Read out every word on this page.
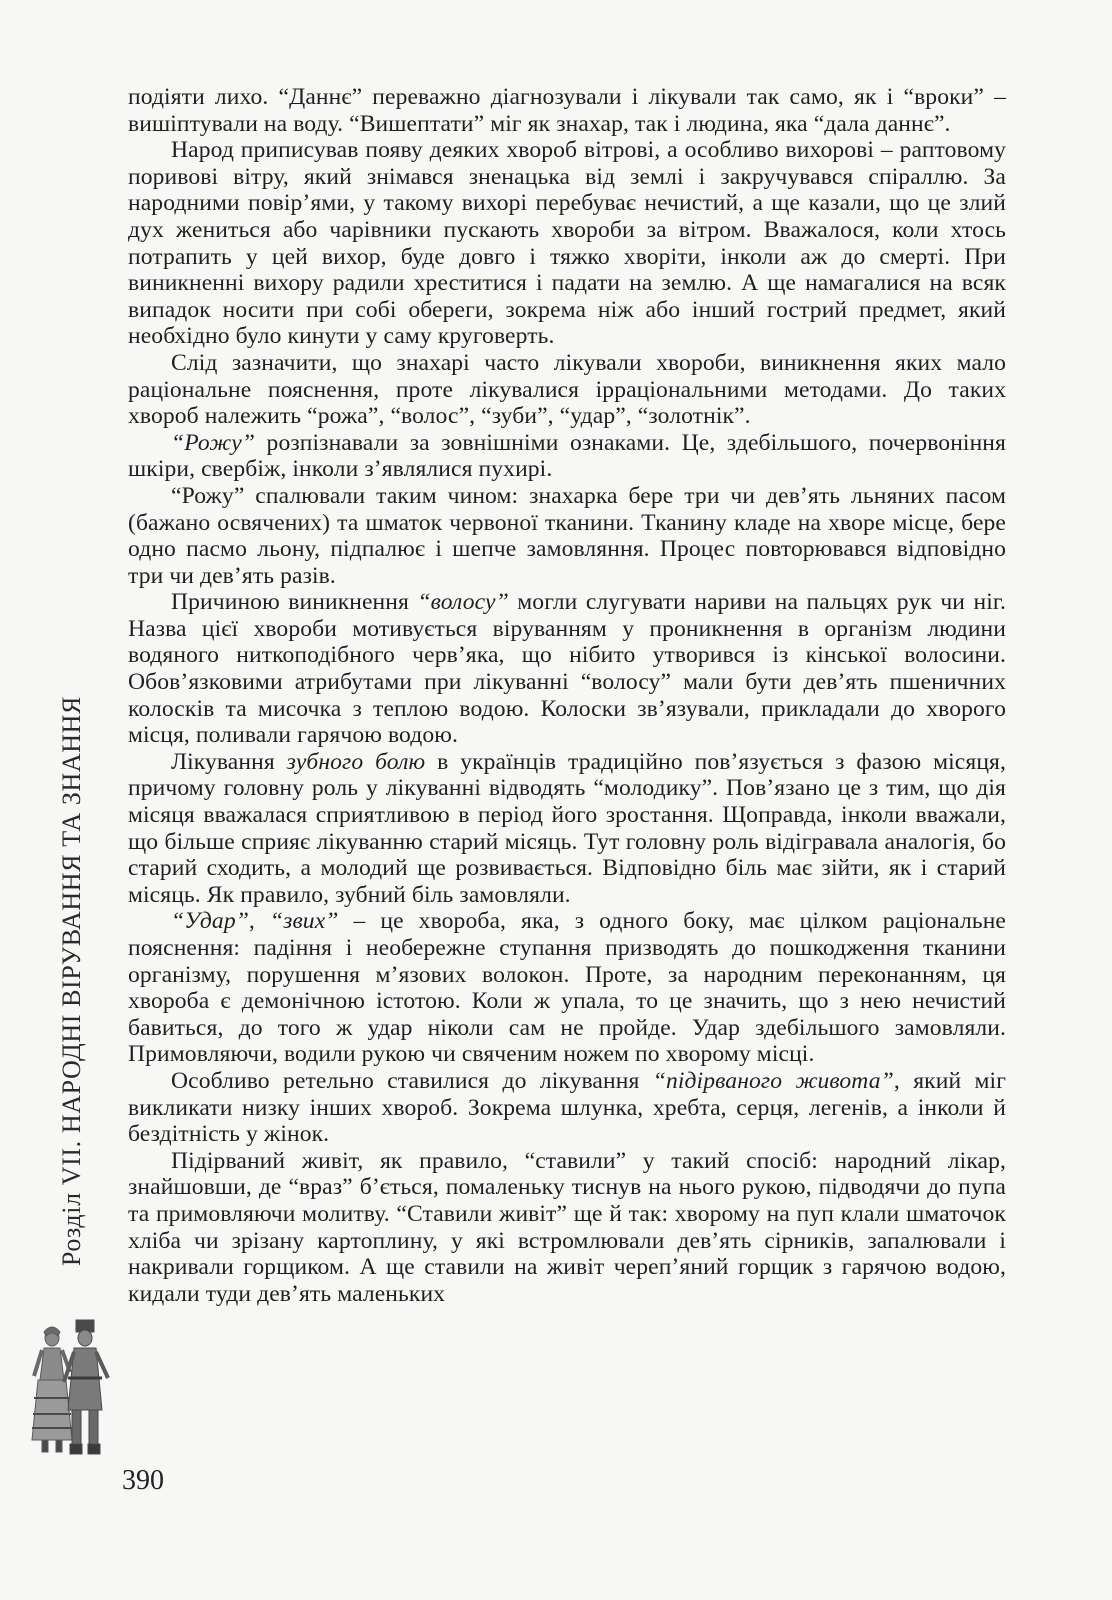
подіяти лихо. “Даннє” переважно діагнозували і лікували так само, як і “вроки” – вишіптували на воду. “Вишептати” міг як знахар, так і людина, яка “дала даннє”.

Народ приписував появу деяких хвороб вітрові, а особливо вихорові – раптовому поривові вітру, який знімався зненацька від землі і закручувався спіраллю. За народними повір’ями, у такому вихорі перебуває нечистий, а ще казали, що це злий дух жениться або чарівники пускають хвороби за вітром. Вважалося, коли хтось потрапить у цей вихор, буде довго і тяжко хворіти, інколи аж до смерті. При виникненні вихору радили хреститися і падати на землю. А ще намагалися на всяк випадок носити при собі обереги, зокрема ніж або інший гострий предмет, який необхідно було кинути у саму круговерть.

Слід зазначити, що знахарі часто лікували хвороби, виникнення яких мало раціональне пояснення, проте лікувалися ірраціональними методами. До таких хвороб належить “рожа”, “волос”, “зуби”, “удар”, “золотнік”.

“Рожу” розпізнавали за зовнішніми ознаками. Це, здебільшого, почервоніння шкіри, свербіж, інколи з’являлися пухирі.

“Рожу” спалювали таким чином: знахарка бере три чи дев’ять льняних пасом (бажано освячених) та шматок червоної тканини. Тканину кладе на хворе місце, бере одно пасмо льону, підпалює і шепче замовляння. Процес повторювався відповідно три чи дев’ять разів.

Причиною виникнення “волосу” могли слугувати нариви на пальцях рук чи ніг. Назва цієї хвороби мотивується віруванням у проникнення в організм людини водяного ниткоподібного черв’яка, що нібито утворився із кінської волосини. Обов’язковими атрибутами при лікуванні “волосу” мали бути дев’ять пшеничних колосків та мисочка з теплою водою. Колоски зв’язували, прикладали до хворого місця, поливали гарячою водою.

Лікування зубного болю в українців традиційно пов’язується з фазою місяця, причому головну роль у лікуванні відводять “молодику”. Пов’язано це з тим, що дія місяця вважалася сприятливою в період його зростання. Щоправда, інколи вважали, що більше сприяє лікуванню старий місяць. Тут головну роль відігравала аналогія, бо старий сходить, а молодий ще розвивається. Відповідно біль має зійти, як і старий місяць. Як правило, зубний біль замовляли.

“Удар”, “звих” – це хвороба, яка, з одного боку, має цілком раціональне пояснення: падіння і необережне ступання призводять до пошкодження тканини організму, порушення м’язових волокон. Проте, за народним переконанням, ця хвороба є демонічною істотою. Коли ж упала, то це значить, що з нею нечистий бавиться, до того ж удар ніколи сам не пройде. Удар здебільшого замовляли. Примовляючи, водили рукою чи свяченим ножем по хворому місці.

Особливо ретельно ставилися до лікування “підірваного живота”, який міг викликати низку інших хвороб. Зокрема шлунка, хребта, серця, легенів, а інколи й бездітність у жінок.

Підірваний живіт, як правило, “ставили” у такий спосіб: народний лікар, знайшовши, де “враз” б’ється, помаленьку тиснув на нього рукою, підводячи до пупа та примовляючи молитву. “Ставили живіт” ще й так: хворому на пуп клали шматочок хліба чи зрізану картоплину, у які встромлювали дев’ять сірників, запалювали і накривали горщиком. А ще ставили на живіт череп’яний горщик з гарячою водою, кидали туди дев’ять маленьких

Розділ VII. НАРОДНІ ВІРУВАННЯ ТА ЗНАННЯ
390
